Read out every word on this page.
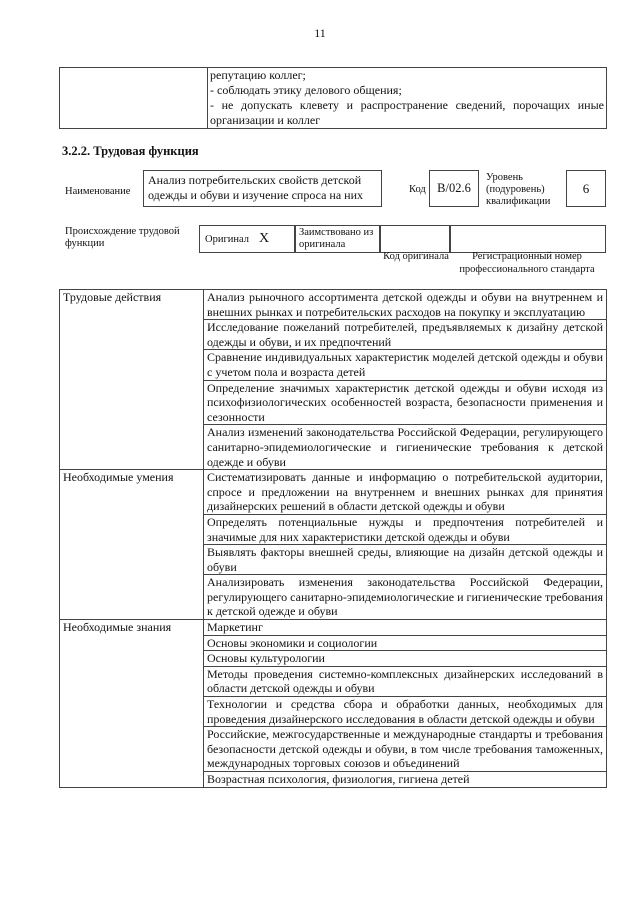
11

репутацию коллег;
- соблюдать этику делового общения;
- не допускать клевету и распространение сведений, порочащих иные организации и коллег
3.2.2. Трудовая функция
Наименование
Анализ потребительских свойств детской одежды и обуви и изучение спроса на них	Код В/02.6
Уровень (подуровень) квалификации
6
Происхождение трудовой функции	Оригинал Х	Заимствовано из оригинала
Код оригинала	Регистрационный номер профессионального стандарта
Трудовые действия	Анализ рыночного ассортимента детской одежды и обуви на внутреннем и внешних рынках и потребительских расходов на покупку и эксплуатацию
	Исследование пожеланий потребителей, предъявляемых к дизайну детской одежды и обуви, и их предпочтений
	Сравнение индивидуальных характеристик моделей детской одежды и обуви с учетом пола и возраста детей
	Определение значимых характеристик детской одежды и обуви исходя из психофизиологических особенностей возраста, безопасности применения и сезонности
	Анализ изменений законодательства Российской Федерации, регулирующего санитарно-эпидемиологические и гигиенические требования к детской одежде и обуви
Необходимые умения	Систематизировать данные и информацию о потребительской аудитории, спросе и предложении на внутреннем и внешних рынках для принятия дизайнерских решений в области детской одежды и обуви
	Определять потенциальные нужды и предпочтения потребителей и значимые для них характеристики детской одежды и обуви
	Выявлять факторы внешней среды, влияющие на дизайн детской одежды и обуви
	Анализировать изменения законодательства Российской Федерации, регулирующего санитарно-эпидемиологические и гигиенические требования к детской одежде и обуви
Необходимые знания	Маркетинг
	Основы экономики и социологии
	Основы культурологии
	Методы проведения системно-комплексных дизайнерских исследований в области детской одежды и обуви
	Технологии и средства сбора и обработки данных, необходимых для проведения дизайнерского исследования в области детской одежды и обуви
	Российские, межгосударственные и международные стандарты и требования безопасности детской одежды и обуви, в том числе требования таможенных, международных торговых союзов и объединений
	Возрастная психология, физиология, гигиена детей
